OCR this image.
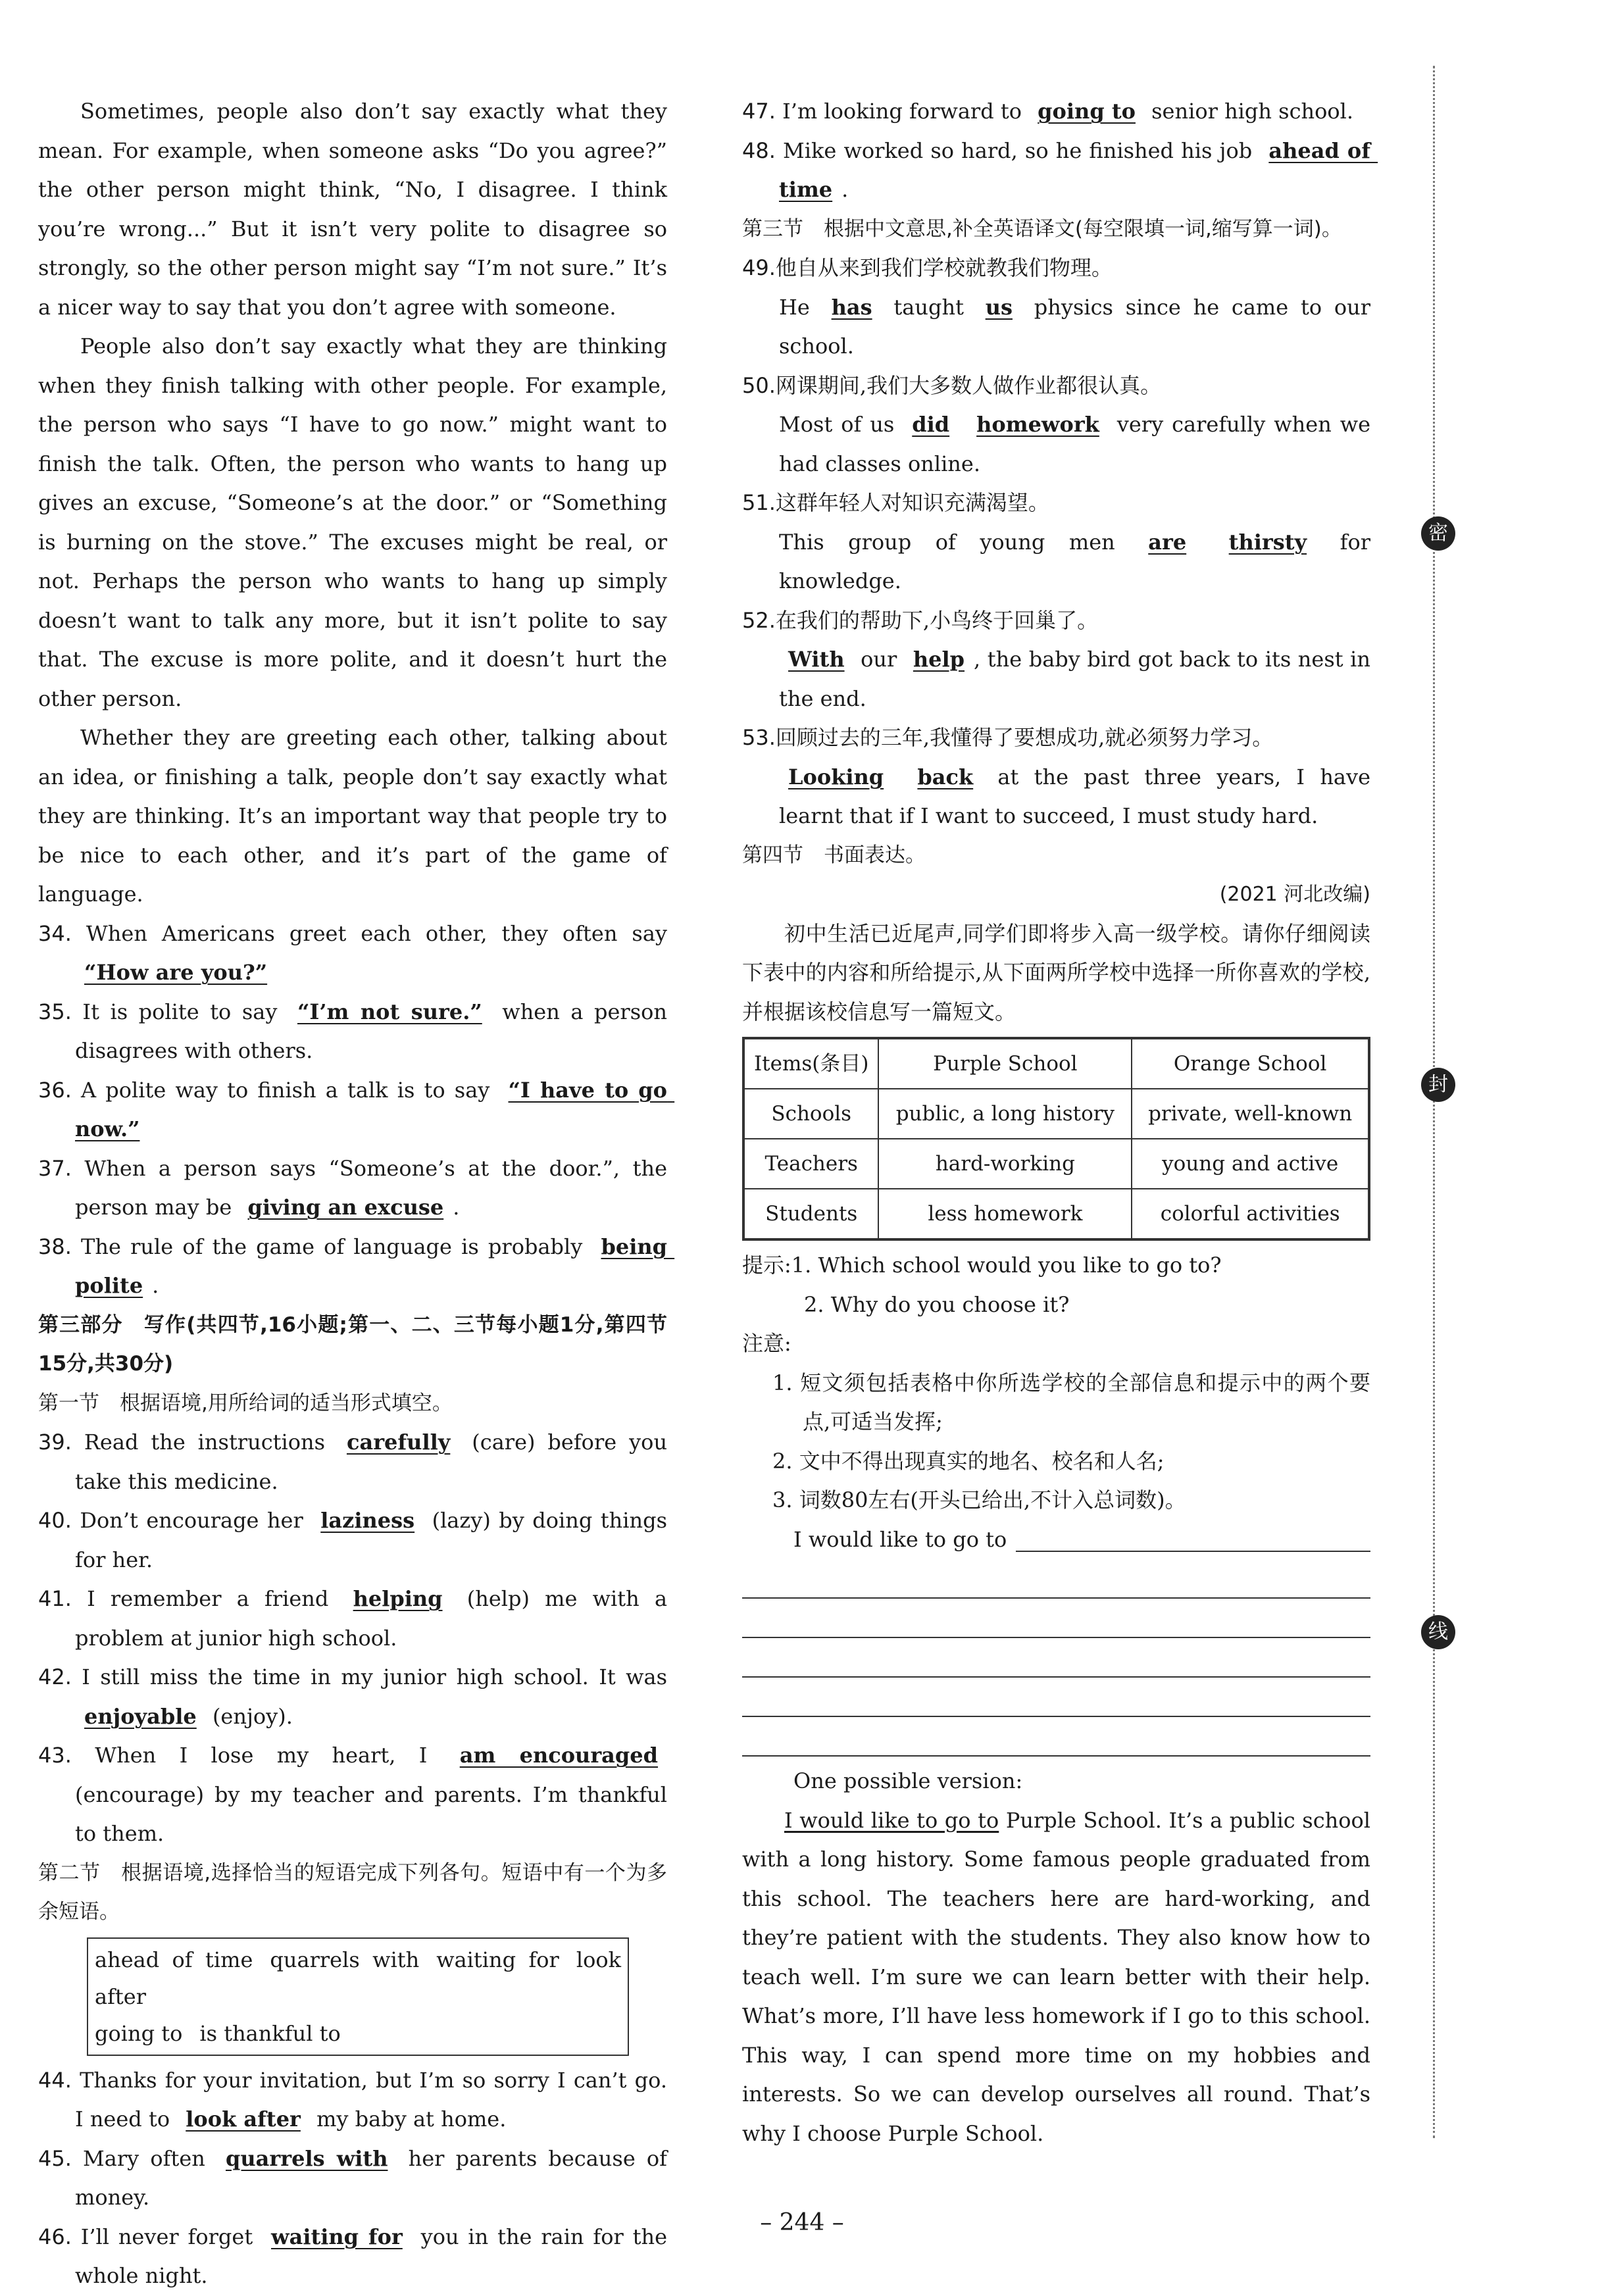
Sometimes, people also don’t say exactly what they mean. For example, when someone asks “Do you agree?” the other person might think, “No, I disagree. I think you’re wrong...” But it isn’t very polite to disagree so strongly, so the other person might say “I’m not sure.” It’s a nicer way to say that you don’t agree with someone.

People also don’t say exactly what they are thinking when they finish talking with other people. For example, the person who says “I have to go now.” might want to finish the talk. Often, the person who wants to hang up gives an excuse, “Someone’s at the door.” or “Something is burning on the stove.” The excuses might be real, or not. Perhaps the person who wants to hang up simply doesn’t want to talk any more, but it isn’t polite to say that. The excuse is more polite, and it doesn’t hurt the other person.

Whether they are greeting each other, talking about an idea, or finishing a talk, people don’t say exactly what they are thinking. It’s an important way that people try to be nice to each other, and it’s part of the game of language.

34. When Americans greet each other, they often say “How are you?”

35. It is polite to say “I’m not sure.” when a person disagrees with others.

36. A polite way to finish a talk is to say “I have to go now.”

37. When a person says “Someone’s at the door.”, the person may be giving an excuse .

38. The rule of the game of language is probably being polite .

第三部分　写作(共四节,16小题;第一、二、三节每小题1分,第四节15分,共30分)

第一节　根据语境,用所给词的适当形式填空。

39. Read the instructions carefully (care) before you take this medicine.

40. Don’t encourage her laziness (lazy) by doing things for her.

41. I remember a friend helping (help) me with a problem at junior high school.

42. I still miss the time in my junior high school. It was enjoyable (enjoy).

43. When I lose my heart, I am encouraged (encourage) by my teacher and parents. I’m thankful to them.

第二节　根据语境,选择恰当的短语完成下列各句。短语中有一个为多余短语。

ahead of time quarrels with waiting for look after
going to is thankful to

44. Thanks for your invitation, but I’m so sorry I can’t go. I need to look after my baby at home.

45. Mary often quarrels with her parents because of money.

46. I’ll never forget waiting for you in the rain for the whole night.

47. I’m looking forward to going to senior high school.

48. Mike worked so hard, so he finished his job ahead of time .

第三节　根据中文意思,补全英语译文(每空限填一词,缩写算一词)。

49.他自从来到我们学校就教我们物理。
He has taught us physics since he came to our school.

50.网课期间,我们大多数人做作业都很认真。
Most of us did homework very carefully when we had classes online.

51.这群年轻人对知识充满渴望。
This group of young men are thirsty for knowledge.

52.在我们的帮助下,小鸟终于回巢了。
With our help , the baby bird got back to its nest in the end.

53.回顾过去的三年,我懂得了要想成功,就必须努力学习。
Looking back at the past three years, I have learnt that if I want to succeed, I must study hard.

第四节　书面表达。

(2021 河北改编)

初中生活已近尾声,同学们即将步入高一级学校。请你仔细阅读下表中的内容和所给提示,从下面两所学校中选择一所你喜欢的学校,并根据该校信息写一篇短文。

Items(条目)	Purple School	Orange School
Schools	public, a long history	private, well-known
Teachers	hard-working	young and active
Students	less homework	colorful activities

提示:1. Which school would you like to go to?

2. Why do you choose it?

注意:

1. 短文须包括表格中你所选学校的全部信息和提示中的两个要点,可适当发挥;

2. 文中不得出现真实的地名、校名和人名;

3. 词数80左右(开头已给出,不计入总词数)。

I would like to go to

One possible version:

I would like to go to Purple School. It’s a public school with a long history. Some famous people graduated from this school. The teachers here are hard-working, and they’re patient with the students. They also know how to teach well. I’m sure we can learn better with their help. What’s more, I’ll have less homework if I go to this school. This way, I can spend more time on my hobbies and interests. So we can develop ourselves all round. That’s why I choose Purple School.

密
封
线
– 244 –
